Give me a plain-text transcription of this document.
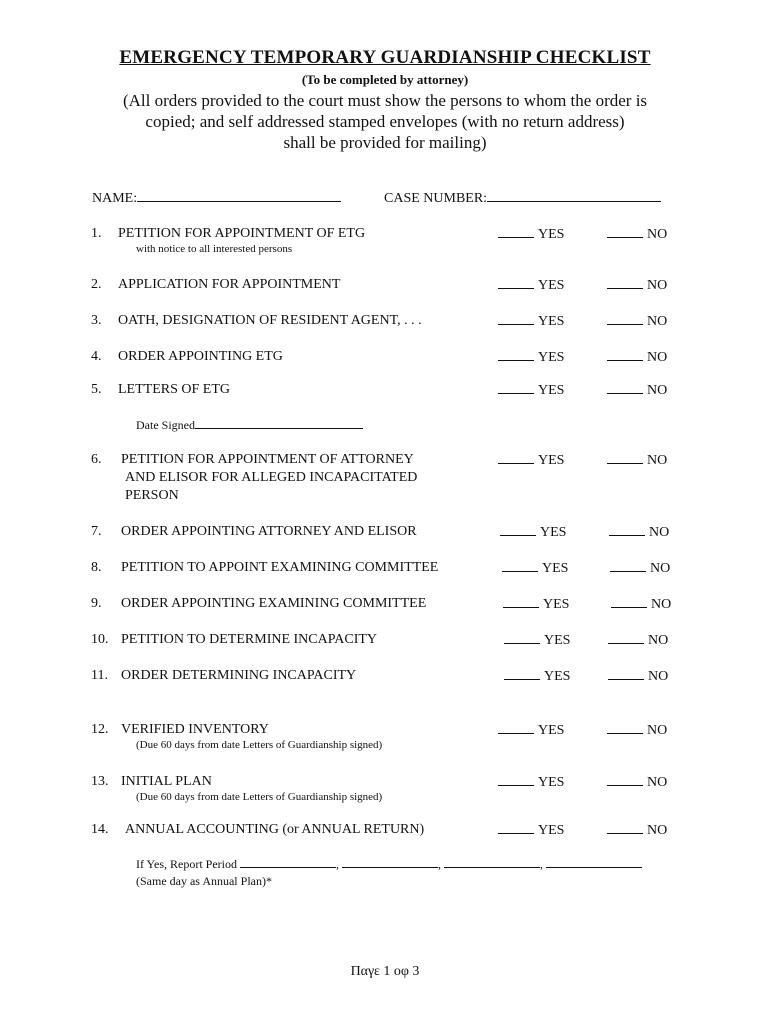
EMERGENCY TEMPORARY GUARDIANSHIP CHECKLIST
(To be completed by attorney)
(All orders provided to the court must show the persons to whom the order is
copied; and self addressed stamped envelopes (with no return address)
shall be provided for mailing)
NAME:	CASE NUMBER:
Date Signed
If Yes, Report Period	,	,	,
(Same day as Annual Plan)*
Παγε 1 οφ 3
1. PETITION FOR APPOINTMENT OF ETG
with notice to all interested persons
YES	NO
2. APPLICATION FOR APPOINTMENT	YES	NO
3. OATH, DESIGNATION OF RESIDENT AGENT, . . .	YES	NO
4. ORDER APPOINTING ETG	YES	NO
5. LETTERS OF ETG	YES	NO
6. PETITION FOR APPOINTMENT OF ATTORNEY
AND ELISOR FOR ALLEGED INCAPACITATED
PERSON
YES	NO
7. ORDER APPOINTING ATTORNEY AND ELISOR	YES	NO
8. PETITION TO APPOINT EXAMINING COMMITTEE	YES	NO
9. ORDER APPOINTING EXAMINING COMMITTEE	YES	NO
10. PETITION TO DETERMINE INCAPACITY	YES	NO
11. ORDER DETERMINING INCAPACITY	YES	NO
12. VERIFIED INVENTORY
(Due 60 days from date Letters of Guardianship signed)
YES	NO
13. INITIAL PLAN
(Due 60 days from date Letters of Guardianship signed)
YES	NO
14. ANNUAL ACCOUNTING (or ANNUAL RETURN)	YES	NO
